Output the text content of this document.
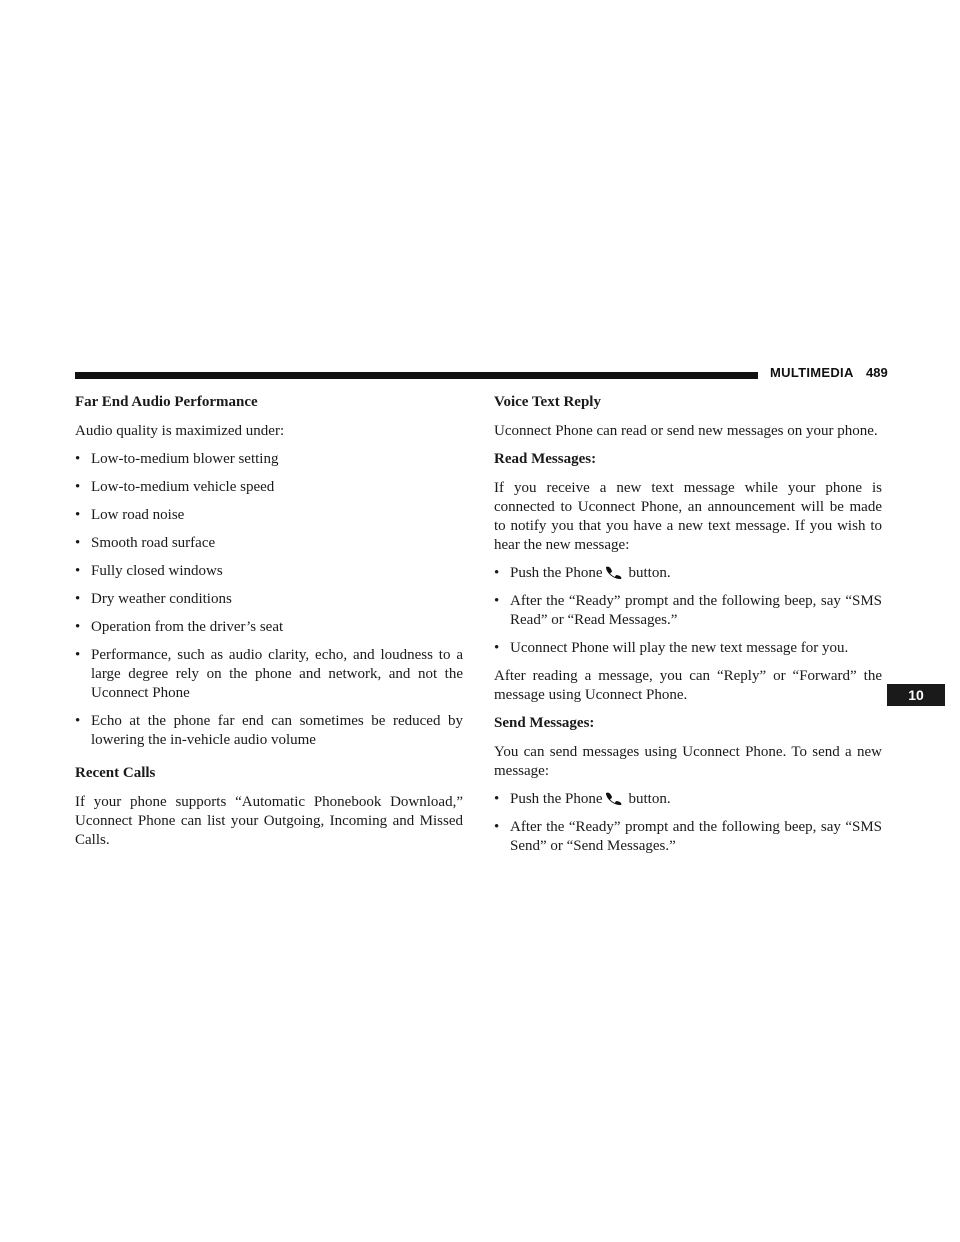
MULTIMEDIA 489

Far End Audio Performance

Audio quality is maximized under:

• Low-to-medium blower setting
• Low-to-medium vehicle speed
• Low road noise
• Smooth road surface
• Fully closed windows
• Dry weather conditions
• Operation from the driver’s seat
• Performance, such as audio clarity, echo, and loudness to a large degree rely on the phone and network, and not the Uconnect Phone
• Echo at the phone far end can sometimes be reduced by lowering the in-vehicle audio volume

Recent Calls

If your phone supports “Automatic Phonebook Download,” Uconnect Phone can list your Outgoing, Incoming and Missed Calls.

Voice Text Reply

Uconnect Phone can read or send new messages on your phone.

Read Messages:

If you receive a new text message while your phone is connected to Uconnect Phone, an announcement will be made to notify you that you have a new text message. If you wish to hear the new message:

• Push the Phone button.
• After the “Ready” prompt and the following beep, say “SMS Read” or “Read Messages.”
• Uconnect Phone will play the new text message for you.

After reading a message, you can “Reply” or “Forward” the message using Uconnect Phone.

Send Messages:

You can send messages using Uconnect Phone. To send a new message:

• Push the Phone button.
• After the “Ready” prompt and the following beep, say “SMS Send” or “Send Messages.”
10
